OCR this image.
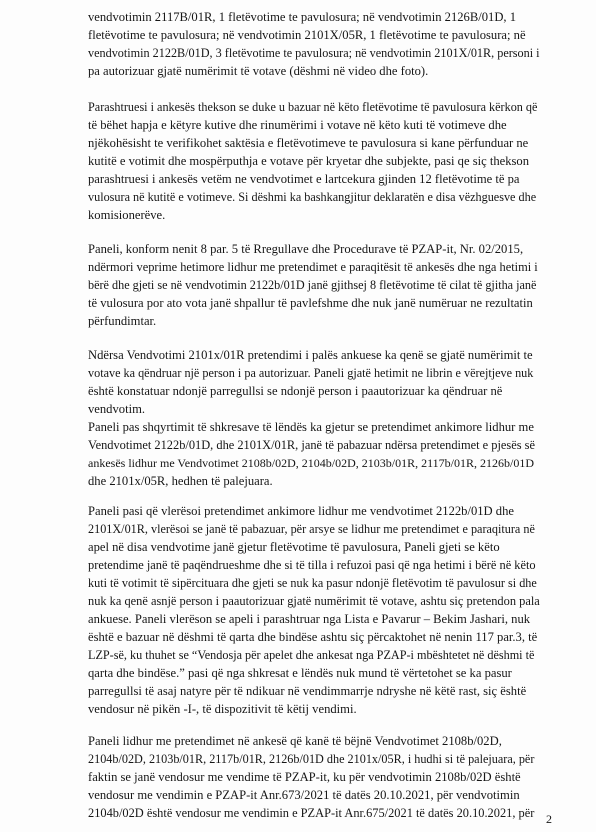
vendvotimin 2117B/01R, 1 fletëvotime te pavulosura; në vendvotimin 2126B/01D, 1
fletëvotime te pavulosura; në vendvotimin 2101X/05R, 1 fletëvotime te pavulosura; në
vendvotimin 2122B/01D, 3 fletëvotime te pavulosura; në vendvotimin 2101X/01R, personi i
pa autorizuar gjatë numërimit të votave (dëshmi në video dhe foto).
Parashtruesi i ankesës thekson se duke u bazuar në këto fletëvotime të pavulosura kërkon që
të bëhet hapja e këtyre kutive dhe rinumërimi i votave në këto kuti të votimeve dhe
njëkohësisht te verifikohet saktësia e fletëvotimeve te pavulosura si kane përfunduar ne
kutitë e votimit dhe mospërputhja e votave për kryetar dhe subjekte, pasi qe siç thekson
parashtruesi i ankesës vetëm ne vendvotimet e lartcekura gjinden 12 fletëvotime të pa
vulosura në kutitë e votimeve. Si dëshmi ka bashkangjitur deklaratën e disa vëzhguesve dhe
komisionerëve.
Paneli, konform nenit 8 par. 5 të Rregullave dhe Procedurave të PZAP-it, Nr. 02/2015,
ndërmori veprime hetimore lidhur me pretendimet e paraqitësit të ankesës dhe nga hetimi i
bërë dhe gjeti se në vendvotimin 2122b/01D janë gjithsej 8 fletëvotime të cilat të gjitha janë
të vulosura por ato vota janë shpallur të pavlefshme dhe nuk janë numëruar ne rezultatin
përfundimtar.
Ndërsa Vendvotimi 2101x/01R pretendimi i palës ankuese ka qenë se gjatë numërimit te
votave ka qëndruar një person i pa autorizuar. Paneli gjatë hetimit ne librin e vërejtjeve nuk
është konstatuar ndonjë parregullsi se ndonjë person i paautorizuar ka qëndruar në
vendvotim.
Paneli pas shqyrtimit të shkresave të lëndës ka gjetur se pretendimet ankimore lidhur me
Vendvotimet 2122b/01D, dhe 2101X/01R, janë të pabazuar ndërsa pretendimet e pjesës së
ankesës lidhur me Vendvotimet 2108b/02D, 2104b/02D, 2103b/01R, 2117b/01R, 2126b/01D
dhe 2101x/05R, hedhen të palejuara.
Paneli pasi që vlerësoi pretendimet ankimore lidhur me vendvotimet 2122b/01D dhe
2101X/01R, vlerësoi se janë të pabazuar, për arsye se lidhur me pretendimet e paraqitura në
apel në disa vendvotime janë gjetur fletëvotime të pavulosura, Paneli gjeti se këto
pretendime janë të paqëndrueshme dhe si të tilla i refuzoi pasi që nga hetimi i bërë në këto
kuti të votimit të sipërcituara dhe gjeti se nuk ka pasur ndonjë fletëvotim të pavulosur si dhe
nuk ka qenë asnjë person i paautorizuar gjatë numërimit të votave, ashtu siç pretendon pala
ankuese. Paneli vlerëson se apeli i parashtruar nga Lista e Pavarur – Bekim Jashari, nuk
është e bazuar në dëshmi të qarta dhe bindëse ashtu siç përcaktohet në nenin 117 par.3, të
LZP-së, ku thuhet se “Vendosja për apelet dhe ankesat nga PZAP-i mbështetet në dëshmi të
qarta dhe bindëse.” pasi që nga shkresat e lëndës nuk mund të vërtetohet se ka pasur
parregullsi të asaj natyre për të ndikuar në vendimmarrje ndryshe në këtë rast, siç është
vendosur në pikën -I-, të dispozitivit të këtij vendimi.
Paneli lidhur me pretendimet në ankesë që kanë të bëjnë Vendvotimet 2108b/02D,
2104b/02D, 2103b/01R, 2117b/01R, 2126b/01D dhe 2101x/05R, i hudhi si të palejuara, për
faktin se janë vendosur me vendime të PZAP-it, ku për vendvotimin 2108b/02D është
vendosur me vendimin e PZAP-it Anr.673/2021 të datës 20.10.2021, për vendvotimin
2104b/02D është vendosur me vendimin e PZAP-it Anr.675/2021 të datës 20.10.2021, për 2
